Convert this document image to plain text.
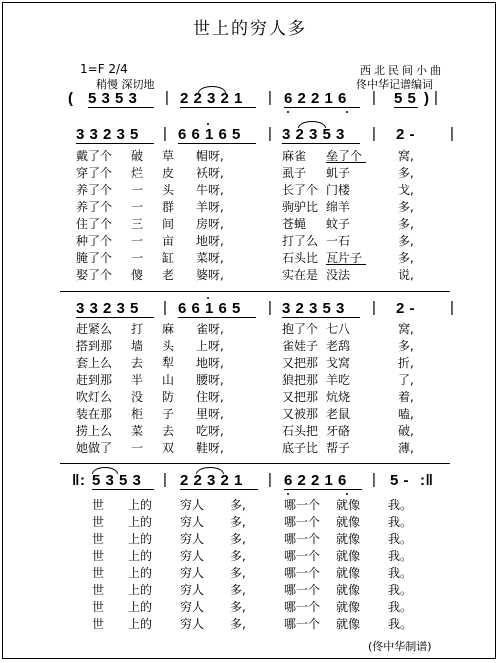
世上的穷人多
1=F 2/4
稍慢 深切地
西北民间小曲
佟中华记谱编词
( 5 3 5 3 | 2 2 3 2 1 | 6 2 2 1 6 | 5 5 ) |
3 3 2 3 5 | 6 6 1 6 5 | 3 2 3 5 3 | 2 - |
戴了个 破 草 帽呀,	麻雀 垒了个	窝,
穿了个 烂 皮 袄呀,	虱子 虮子	多,
养了个 一 头 牛呀,	长了个 门楼	戈,
养了个 一 群 羊呀,	驹驴比 绵羊	多,
住了个 三 间 房呀,	苍蝇 蚊子	多,
种了个 一 亩 地呀,	打了么 一石	多,
腌了个 一 缸 菜呀,	石头比 瓦片子	多,
娶了个 傻 老 婆呀,	实在是 没法	说,
3 3 2 3 5 | 6 6 1 6 5 | 3 2 3 5 3 | 2 - |
赶紧么 打 麻 雀呀,	抱了个 七八	窝,
搭到那 墙 头 上呀,	雀娃子 老鸹	多,
套上么 去 犁 地呀,	又把那 戈窝	折,
赶到那 半 山 腰呀,	狼把那 羊吃	了,
吹灯么 没 防 住呀,	又把那 炕烧	着,
装在那 柜 子 里呀,	又被那 老鼠	嗑,
捞上么 菜 去 吃呀,	石头把 牙硌	破,
她做了 一 双 鞋呀,	底子比 帮子	薄,
‖: 5 3 5 3 | 2 2 3 2 1 | 6 2 2 1 6 | 5 - :‖
世 上的 穷人 多,	哪一个 就像 我。
世 上的 穷人 多,	哪一个 就像 我。
世 上的 穷人 多,	哪一个 就像 我。
世 上的 穷人 多,	哪一个 就像 我。
世 上的 穷人 多,	哪一个 就像 我。
世 上的 穷人 多,	哪一个 就像 我。
世 上的 穷人 多,	哪一个 就像 我。
世 上的 穷人 多,	哪一个 就像 我。
(佟中华制谱)
